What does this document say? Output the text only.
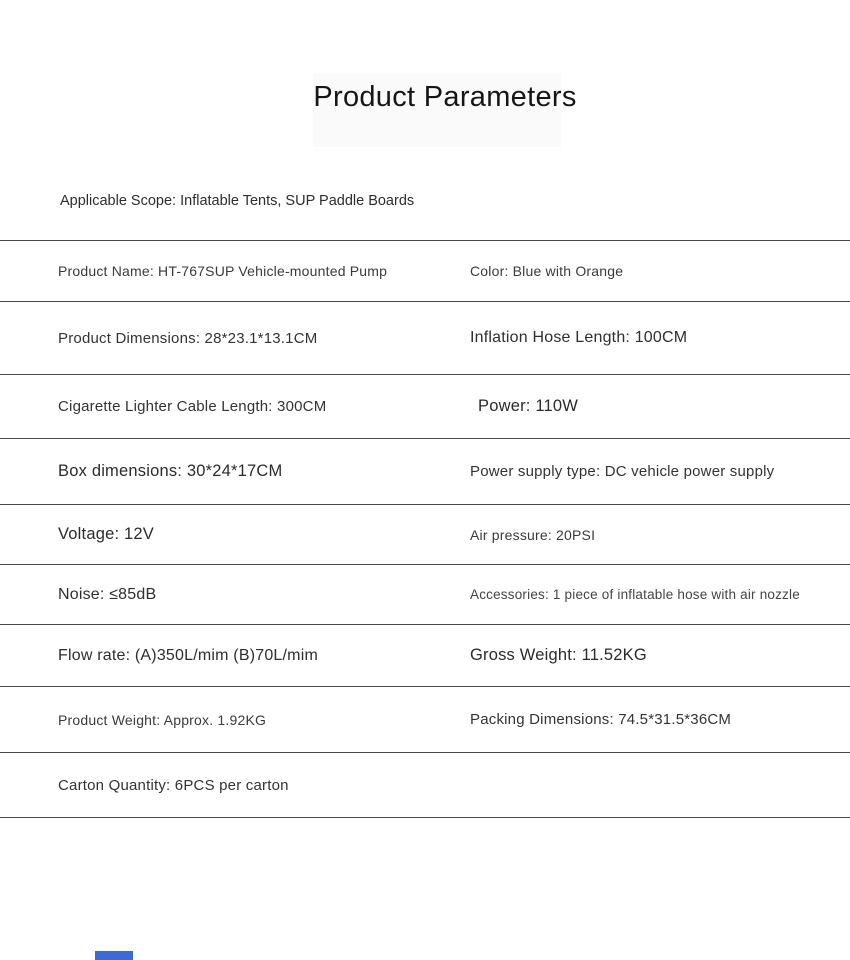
Product Parameters
Applicable Scope: Inflatable Tents, SUP Paddle Boards
Product Name: HT-767SUP Vehicle-mounted Pump	Color: Blue with Orange
Product Dimensions: 28*23.1*13.1CM	Inflation Hose Length: 100CM
Cigarette Lighter Cable Length: 300CM	Power: 110W
Box dimensions: 30*24*17CM	Power supply type: DC vehicle power supply
Voltage: 12V	Air pressure: 20PSI
Noise: ≤85dB	Accessories: 1 piece of inflatable hose with air nozzle
Flow rate: (A)350L/mim (B)70L/mim	Gross Weight: 11.52KG
Product Weight: Approx. 1.92KG	Packing Dimensions: 74.5*31.5*36CM
Carton Quantity: 6PCS per carton
